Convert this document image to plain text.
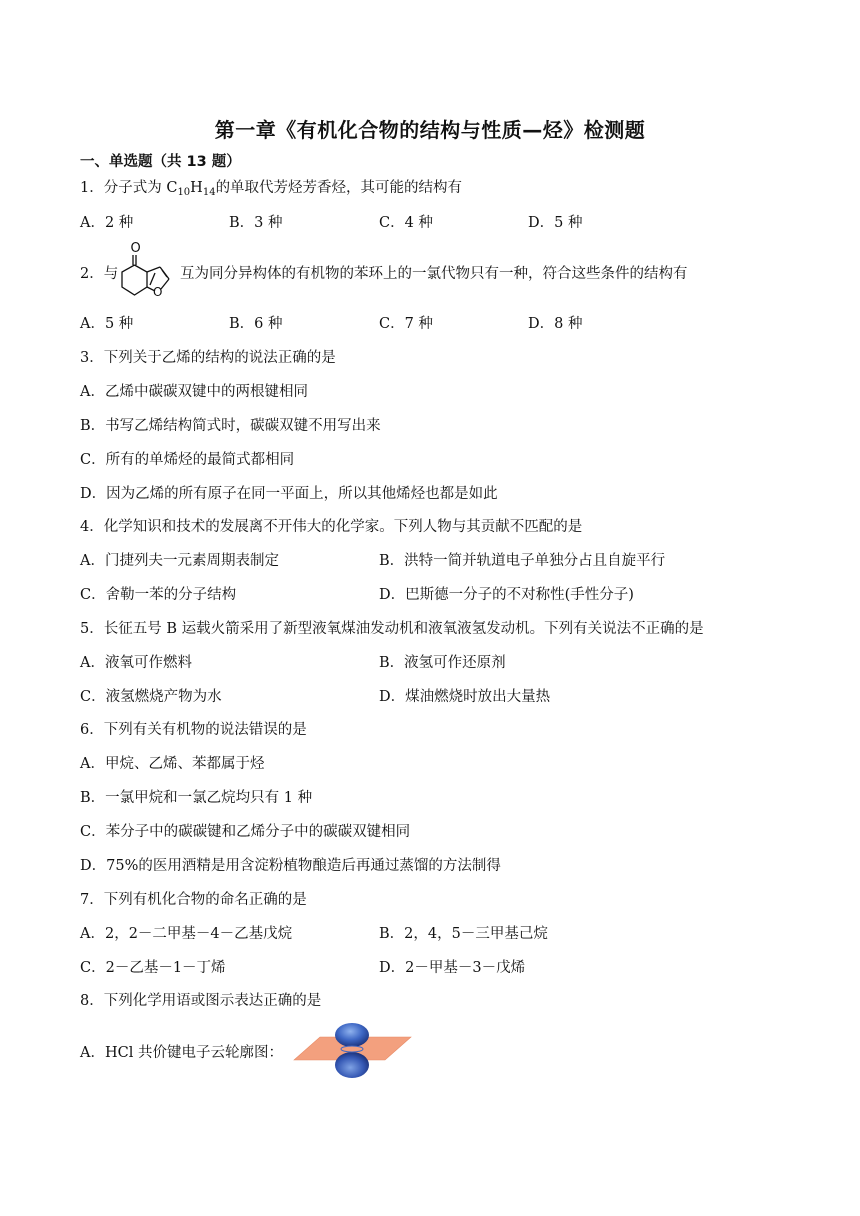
第一章《有机化合物的结构与性质—烃》检测题
一、单选题（共 13 题）
1．分子式为 $C_{10}H_{14}$的单取代芳烃芳香烃，其可能的结构有
A．2 种	B．3 种	C．4 种	D．5 种
2．与
O
O
互为同分异构体的有机物的苯环上的一氯代物只有一种，符合这些条件的结构有
A．5 种	B．6 种	C．7 种	D．8 种
3．下列关于乙烯的结构的说法正确的是
A．乙烯中碳碳双键中的两根键相同
B．书写乙烯结构简式时，碳碳双键不用写出来
C．所有的单烯烃的最简式都相同
D．因为乙烯的所有原子在同一平面上，所以其他烯烃也都是如此
4．化学知识和技术的发展离不开伟大的化学家。下列人物与其贡献不匹配的是
A．门捷列夫一元素周期表制定	B．洪特一简并轨道电子单独分占且自旋平行
C．舍勒一苯的分子结构	D．巴斯德一分子的不对称性(手性分子)
5．长征五号 B 运载火箭采用了新型液氧煤油发动机和液氧液氢发动机。下列有关说法不正确的是
A．液氧可作燃料	B．液氢可作还原剂
C．液氢燃烧产物为水	D．煤油燃烧时放出大量热
6．下列有关有机物的说法错误的是
A．甲烷、乙烯、苯都属于烃
B．一氯甲烷和一氯乙烷均只有 1 种
C．苯分子中的碳碳键和乙烯分子中的碳碳双键相同
D．75%的医用酒精是用含淀粉植物酿造后再通过蒸馏的方法制得
7．下列有机化合物的命名正确的是
A．2，2－二甲基－4－乙基戊烷	B．2，4，5－三甲基己烷
C．2－乙基－1－丁烯	D．2－甲基－3－戊烯
8．下列化学用语或图示表达正确的是
A．HCl 共价键电子云轮廓图：
